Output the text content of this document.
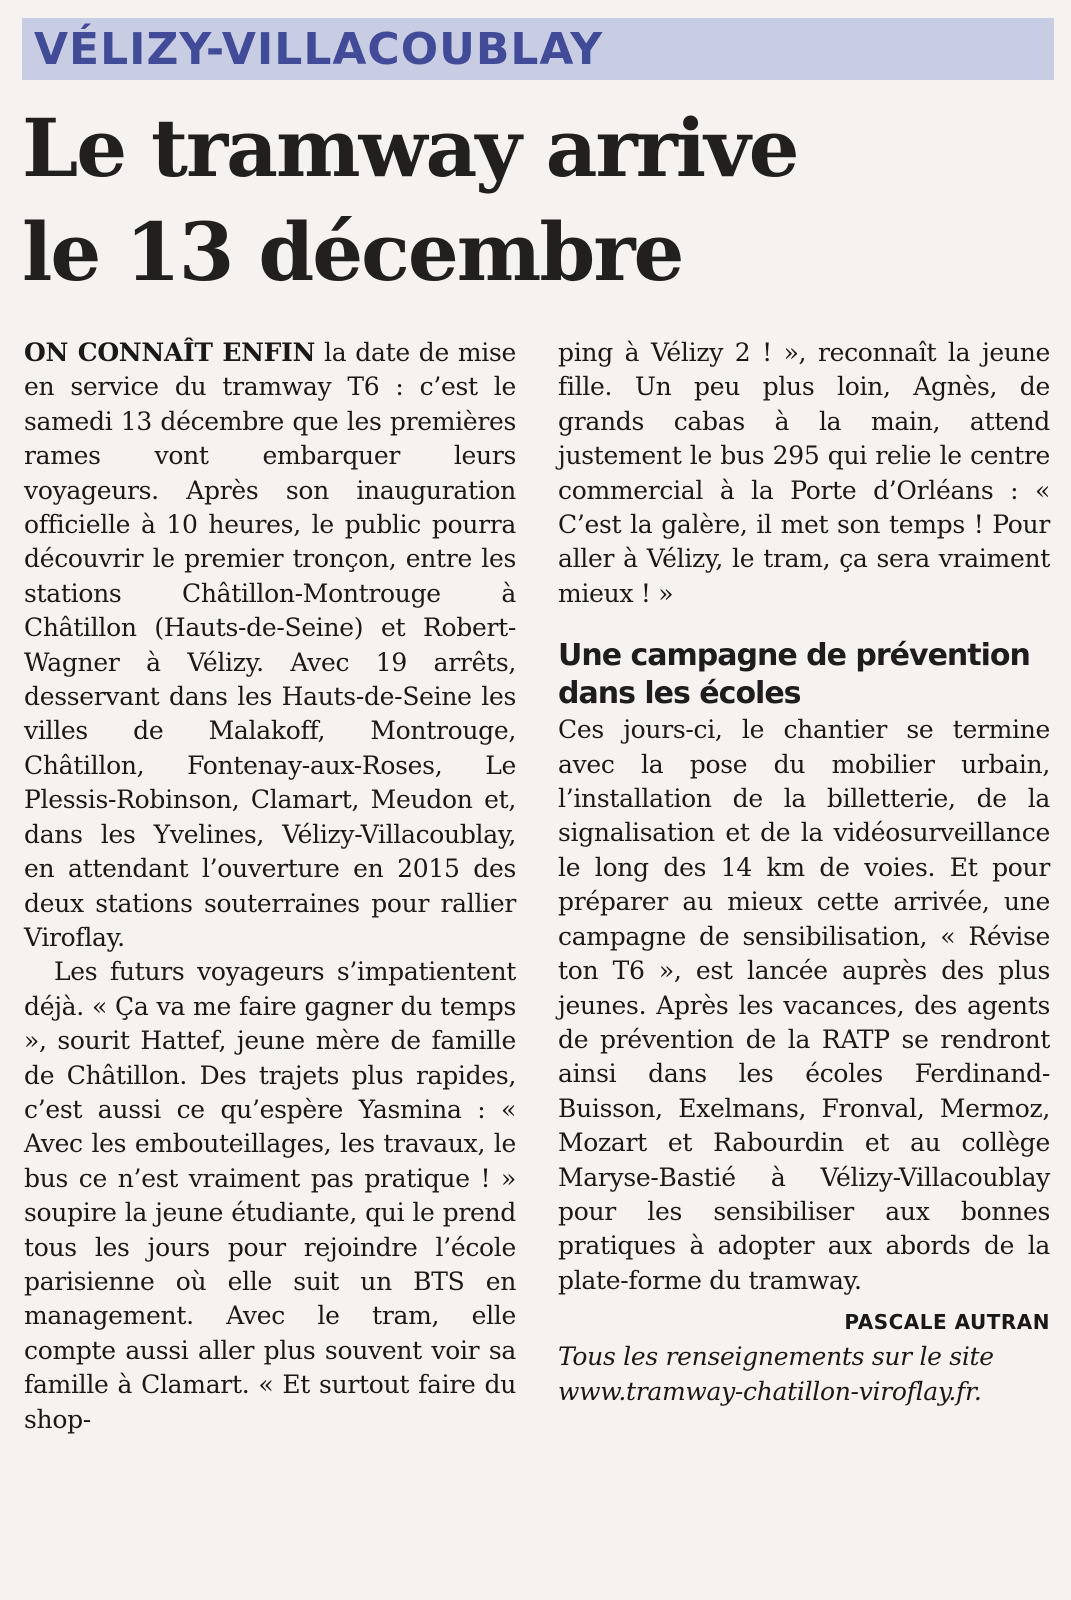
VÉLIZY-VILLACOUBLAY
Le tramway arrive
le 13 décembre

ON CONNAÎT ENFIN la date de mise en service du tramway T6 : c’est le samedi 13 décembre que les premières rames vont embarquer leurs voyageurs. Après son inauguration officielle à 10 heures, le public pourra découvrir le premier tronçon, entre les stations Châtillon-Montrouge à Châtillon (Hauts-de-Seine) et Robert-Wagner à Vélizy. Avec 19 arrêts, desservant dans les Hauts-de-Seine les villes de Malakoff, Montrouge, Châtillon, Fontenay-aux-Roses, Le Plessis-Robinson, Clamart, Meudon et, dans les Yvelines, Vélizy-Villacoublay, en attendant l’ouverture en 2015 des deux stations souterraines pour rallier Viroflay.

Les futurs voyageurs s’impatientent déjà. « Ça va me faire gagner du temps », sourit Hattef, jeune mère de famille de Châtillon. Des trajets plus rapides, c’est aussi ce qu’espère Yasmina : « Avec les embouteillages, les travaux, le bus ce n’est vraiment pas pratique ! » soupire la jeune étudiante, qui le prend tous les jours pour rejoindre l’école parisienne où elle suit un BTS en management. Avec le tram, elle compte aussi aller plus souvent voir sa famille à Clamart. « Et surtout faire du shop-

ping à Vélizy 2 ! », reconnaît la jeune fille. Un peu plus loin, Agnès, de grands cabas à la main, attend justement le bus 295 qui relie le centre commercial à la Porte d’Orléans : « C’est la galère, il met son temps ! Pour aller à Vélizy, le tram, ça sera vraiment mieux ! »

Une campagne de prévention dans les écoles

Ces jours-ci, le chantier se termine avec la pose du mobilier urbain, l’installation de la billetterie, de la signalisation et de la vidéosurveillance le long des 14 km de voies. Et pour préparer au mieux cette arrivée, une campagne de sensibilisation, « Révise ton T6 », est lancée auprès des plus jeunes. Après les vacances, des agents de prévention de la RATP se rendront ainsi dans les écoles Ferdinand-Buisson, Exelmans, Fronval, Mermoz, Mozart et Rabourdin et au collège Maryse-Bastié à Vélizy-Villacoublay pour les sensibiliser aux bonnes pratiques à adopter aux abords de la plate-forme du tramway.

PASCALE AUTRAN

Tous les renseignements sur le site www.tramway-chatillon-viroflay.fr.
